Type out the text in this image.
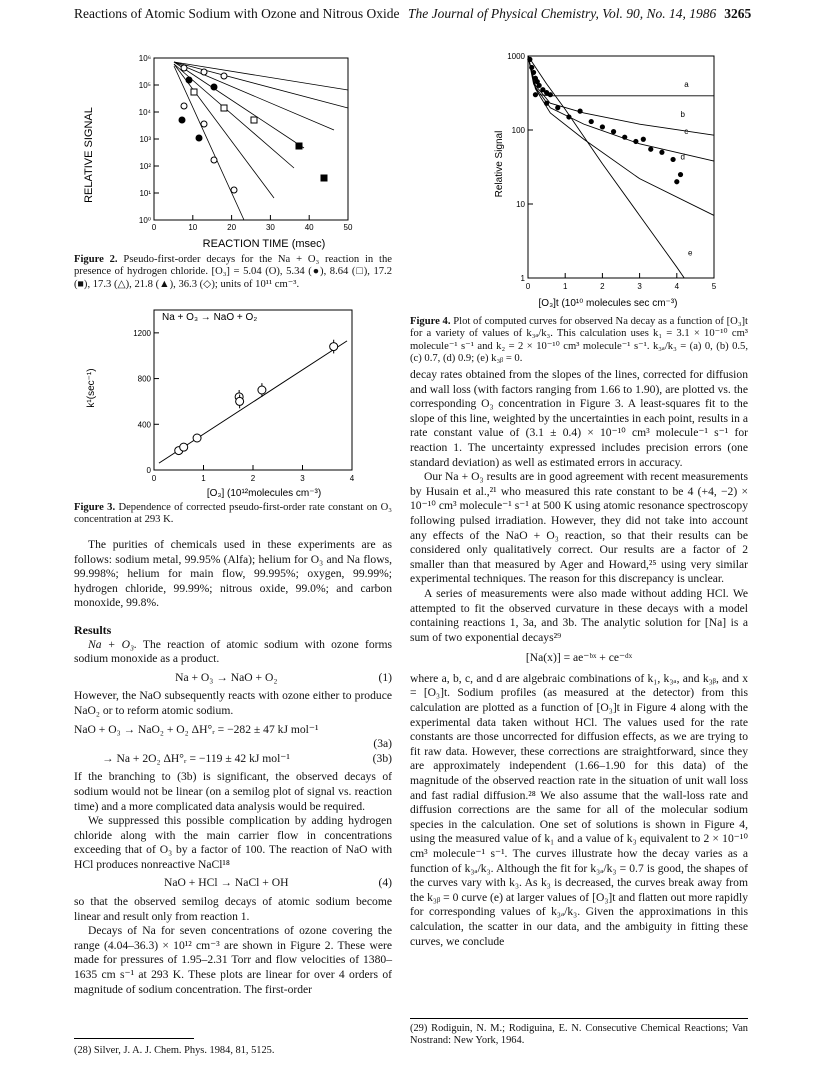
Reactions of Atomic Sodium with Ozone and Nitrous Oxide The Journal of Physical Chemistry, Vol. 90, No. 14, 1986 3265
10⁰
10¹
10²
10³
10⁴
10⁵
10⁶
0	10	20	30	40	50
RELATIVE SIGNAL
REACTION TIME (msec)
Figure 2. Pseudo-first-order decays for the Na + O₃ reaction in the presence of hydrogen chloride. [O₃] = 5.04 (O), 5.34 (●), 8.64 (□), 17.2 (■), 17.3 (△), 21.8 (▲), 36.3 (◇); units of 10¹¹ cm⁻³.
0
400
800
1200
0	1	2	3	4
Na + O₃ → NaO + O₂
k¹(sec⁻¹)
[O₃] (10¹²molecules cm⁻³)
Figure 3. Dependence of corrected pseudo-first-order rate constant on O₃ concentration at 293 K.

The purities of chemicals used in these experiments are as follows: sodium metal, 99.95% (Alfa); helium for O₃ and Na flows, 99.998%; helium for main flow, 99.995%; oxygen, 99.99%; hydrogen chloride, 99.99%; nitrous oxide, 99.0%; and carbon monoxide, 99.8%.

Results

Na + O₃. The reaction of atomic sodium with ozone forms sodium monoxide as a product.

Na + O₃ → NaO + O₂	(1)

However, the NaO subsequently reacts with ozone either to produce NaO₂ or to reform atomic sodium.

NaO + O₃ → NaO₂ + O₂ ΔH°ᵣ = −282 ± 47 kJ mol⁻¹
(3a)
→ Na + 2O₂ ΔH°ᵣ = −119 ± 42 kJ mol⁻¹	(3b)

If the branching to (3b) is significant, the observed decays of sodium would not be linear (on a semilog plot of signal vs. reaction time) and a more complicated data analysis would be required.

We suppressed this possible complication by adding hydrogen chloride along with the main carrier flow in concentrations exceeding that of O₃ by a factor of 100. The reaction of NaO with HCl produces nonreactive NaCl¹⁸

NaO + HCl → NaCl + OH	(4)

so that the observed semilog decays of atomic sodium become linear and result only from reaction 1.

Decays of Na for seven concentrations of ozone covering the range (4.04–36.3) × 10¹² cm⁻³ are shown in Figure 2. These were made for pressures of 1.95–2.31 Torr and flow velocities of 1380–1635 cm s⁻¹ at 293 K. These plots are linear for over 4 orders of magnitude of sodium concentration. The first-order

(28) Silver, J. A. J. Chem. Phys. 1984, 81, 5125.

1
10
100
1000
0	1	2	3	4	5
a
b
c
d
e
Relative Signal
[O₃]t (10¹⁰ molecules sec cm⁻³)
Figure 4. Plot of computed curves for observed Na decay as a function of [O₃]t for a variety of values of k₃ₐ/k₃. This calculation uses k₁ = 3.1 × 10⁻¹⁰ cm³ molecule⁻¹ s⁻¹ and k₂ = 2 × 10⁻¹⁰ cm³ molecule⁻¹ s⁻¹. k₃ₐ/k₃ = (a) 0, (b) 0.5, (c) 0.7, (d) 0.9; (e) k₃ᵦ = 0.

decay rates obtained from the slopes of the lines, corrected for diffusion and wall loss (with factors ranging from 1.66 to 1.90), are plotted vs. the corresponding O₃ concentration in Figure 3. A least-squares fit to the slope of this line, weighted by the uncertainties in each point, results in a rate constant value of (3.1 ± 0.4) × 10⁻¹⁰ cm³ molecule⁻¹ s⁻¹ for reaction 1. The uncertainty expressed includes precision errors (one standard deviation) as well as estimated errors in accuracy.

Our Na + O₃ results are in good agreement with recent measurements by Husain et al.,²¹ who measured this rate constant to be 4 (+4, −2) × 10⁻¹⁰ cm³ molecule⁻¹ s⁻¹ at 500 K using atomic resonance spectroscopy following pulsed irradiation. However, they did not take into account any effects of the NaO + O₃ reaction, so that their results can be considered only qualitatively correct. Our results are a factor of 2 smaller than that measured by Ager and Howard,²⁵ using very similar experimental techniques. The reason for this discrepancy is unclear.

A series of measurements were also made without adding HCl. We attempted to fit the observed curvature in these decays with a model containing reactions 1, 3a, and 3b. The analytic solution for [Na] is a sum of two exponential decays²⁹

[Na(x)] = ae⁻ᵇˣ + ce⁻ᵈˣ

where a, b, c, and d are algebraic combinations of k₁, k₃ₐ, and k₃ᵦ, and x = [O₃]t. Sodium profiles (as measured at the detector) from this calculation are plotted as a function of [O₃]t in Figure 4 along with the experimental data taken without HCl. The values used for the rate constants are those uncorrected for diffusion effects, as we are trying to fit raw data. However, these corrections are straightforward, since they are approximately independent (1.66–1.90 for this data) of the magnitude of the observed reaction rate in the situation of unit wall loss and fast radial diffusion.²⁸ We also assume that the wall-loss rate and diffusion corrections are the same for all of the molecular sodium species in the calculation. One set of solutions is shown in Figure 4, using the measured value of k₁ and a value of k₃ equivalent to 2 × 10⁻¹⁰ cm³ molecule⁻¹ s⁻¹. The curves illustrate how the decay varies as a function of k₃ₐ/k₃. Although the fit for k₃ₐ/k₃ = 0.7 is good, the shapes of the curves vary with k₃. As k₃ is decreased, the curves break away from the k₃ᵦ = 0 curve (e) at larger values of [O₃]t and flatten out more rapidly for corresponding values of k₃ₐ/k₃. Given the approximations in this calculation, the scatter in our data, and the ambiguity in fitting these curves, we conclude

(29) Rodiguin, N. M.; Rodiguina, E. N. Consecutive Chemical Reactions; Van Nostrand: New York, 1964.
